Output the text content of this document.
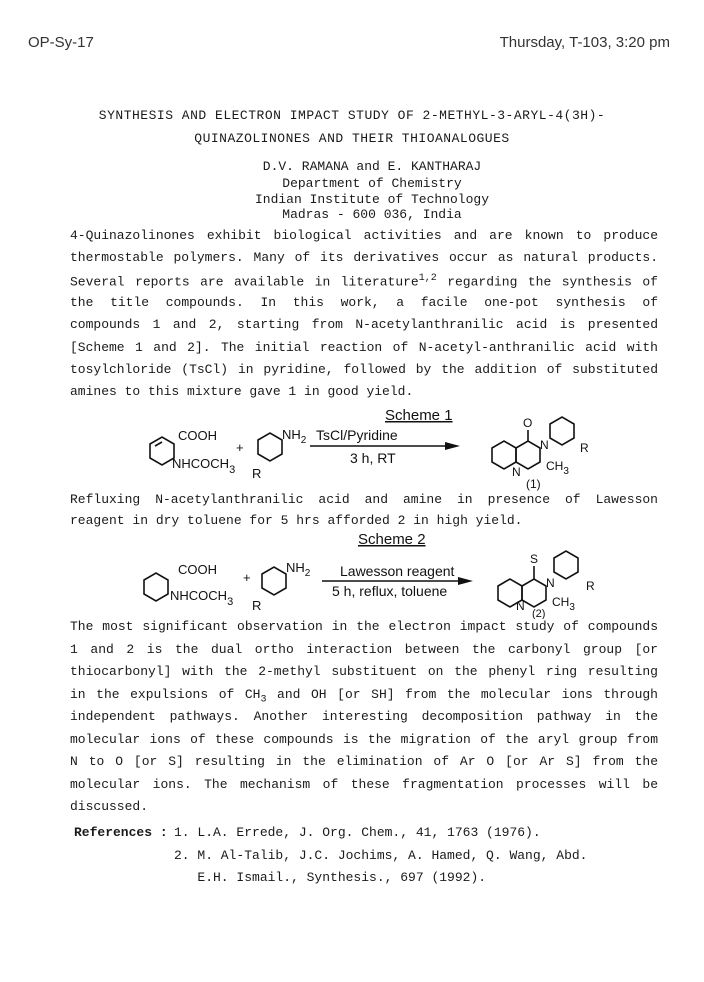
OP-Sy-17	Thursday, T-103, 3:20 pm
SYNTHESIS AND ELECTRON IMPACT STUDY OF 2-METHYL-3-ARYL-4(3H)-
QUINAZOLINONES AND THEIR THIOANALOGUES
D.V. RAMANA and E. KANTHARAJ
Department of Chemistry
Indian Institute of Technology
Madras - 600 036, India
4-Quinazolinones exhibit biological activities and are known to produce
thermostable polymers. Many of its derivatives occur as natural products.
Several reports are available in literature$^{1,2}$ regarding the synthesis of
the title compounds. In this work, a facile one-pot synthesis of
compounds 1 and 2, starting from N-acetylanthranilic acid is presented
[Scheme 1 and 2]. The initial reaction of N-acetyl-anthranilic acid with
tosylchloride (TsCl) in pyridine, followed by the addition of substituted
amines to this mixture gave 1 in good yield.
Scheme 1
COOH
$NHCOCH_3$
+
$NH_2$
R
TsCl/Pyridine
3 h, RT
O
N
N $CH_3$
R
(1)
Refluxing N-acetylanthranilic acid and amine in presence of Lawesson
reagent in dry toluene for 5 hrs afforded 2 in high yield.
Scheme 2
COOH
$NHCOCH_3$
+
$NH_2$
R
Lawesson reagent
5 h, reflux, toluene
S
N
N $CH_3$
R
(2)
The most significant observation in the electron impact study of compounds
1 and 2 is the dual ortho interaction between the carbonyl group [or
thiocarbonyl] with the 2-methyl substituent on the phenyl ring resulting
in the expulsions of $CH_3$ and OH [or SH] from the molecular ions through
independent pathways. Another interesting decomposition pathway in the
molecular ions of these compounds is the migration of the aryl group from
N to O [or S] resulting in the elimination of Ar O [or Ar S] from the
molecular ions. The mechanism of these fragmentation processes will be
discussed.
References : 1. L.A. Errede, J. Org. Chem., 41, 1763 (1976).
2. M. Al-Talib, J.C. Jochims, A. Hamed, Q. Wang, Abd.
E.H. Ismail., Synthesis., 697 (1992).
